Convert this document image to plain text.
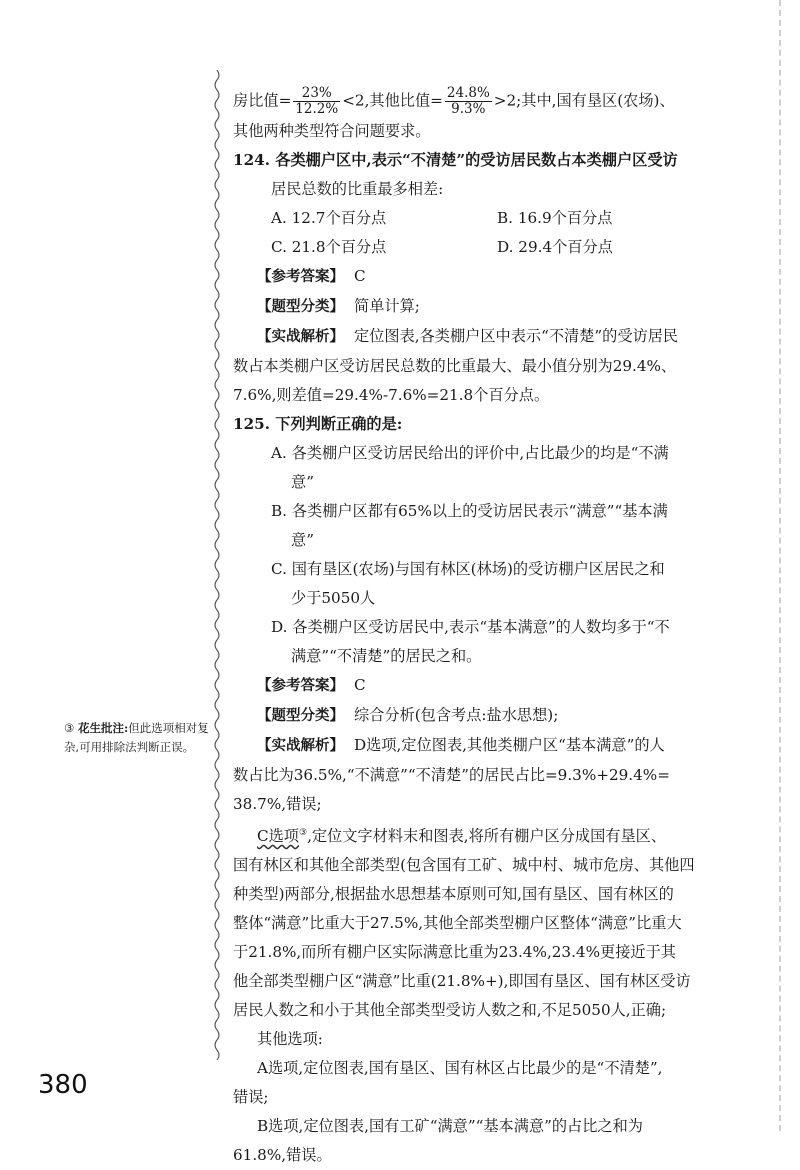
③ 花生批注:但此选项相对复杂,可用排除法判断正误。
房比值= $\frac{23\%}{12.2\%} <2$,其他比值= $\frac{24.8\%}{9.3\%} >2$;其中,国有垦区(农场)、
其他两种类型符合问题要求。
124. 各类棚户区中,表示“不清楚”的受访居民数占本类棚户区受访
居民总数的比重最多相差:
A. 12.7个百分点	B. 16.9个百分点
C. 21.8个百分点	D. 29.4个百分点
【参考答案】 C
【题型分类】 简单计算;
【实战解析】 定位图表,各类棚户区中表示“不清楚”的受访居民
数占本类棚户区受访居民总数的比重最大、最小值分别为29.4%、
7.6%,则差值=29.4%-7.6%=21.8个百分点。
125. 下列判断正确的是:
A. 各类棚户区受访居民给出的评价中,占比最少的均是“不满
意”
B. 各类棚户区都有65%以上的受访居民表示“满意”“基本满
意”
C. 国有垦区(农场)与国有林区(林场)的受访棚户区居民之和
少于5050人
D. 各类棚户区受访居民中,表示“基本满意”的人数均多于“不
满意”“不清楚”的居民之和。
【参考答案】 C
【题型分类】 综合分析(包含考点:盐水思想);
【实战解析】 D选项,定位图表,其他类棚户区“基本满意”的人
数占比为36.5%,“不满意”“不清楚”的居民占比=9.3%+29.4%=
38.7%,错误;
C选项③,定位文字材料末和图表,将所有棚户区分成国有垦区、
国有林区和其他全部类型(包含国有工矿、城中村、城市危房、其他四
种类型)两部分,根据盐水思想基本原则可知,国有垦区、国有林区的
整体“满意”比重大于27.5%,其他全部类型棚户区整体“满意”比重大
于21.8%,而所有棚户区实际满意比重为23.4%,23.4%更接近于其
他全部类型棚户区“满意”比重(21.8%+),即国有垦区、国有林区受访
居民人数之和小于其他全部类型受访人数之和,不足5050人,正确;
其他选项:
A选项,定位图表,国有垦区、国有林区占比最少的是“不清楚”,
错误;
B选项,定位图表,国有工矿“满意”“基本满意”的占比之和为
61.8%,错误。
380
